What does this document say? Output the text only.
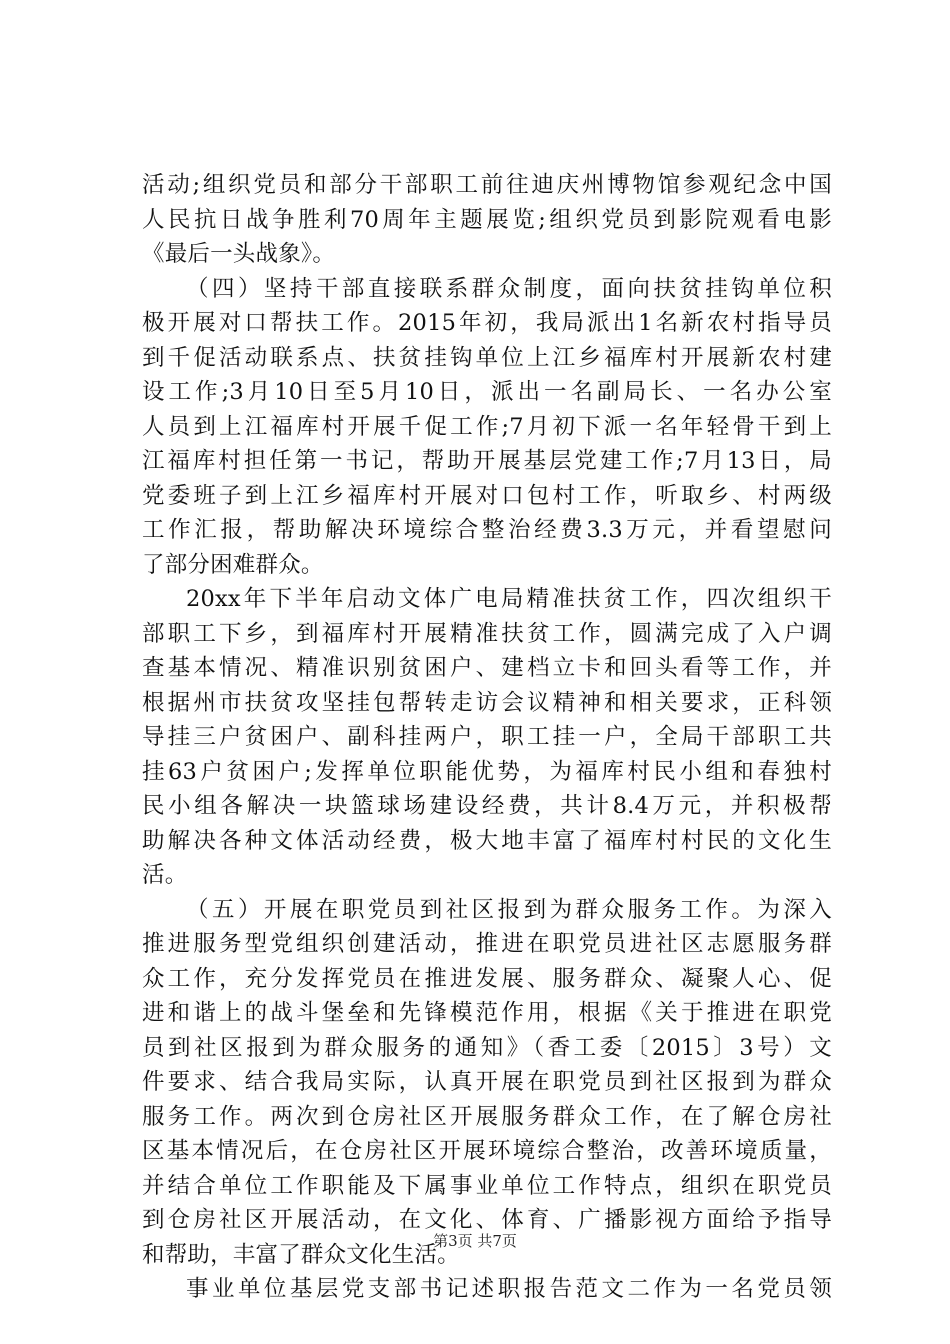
活动;组织党员和部分干部职工前往迪庆州博物馆参观纪念中国
人民抗日战争胜利70周年主题展览;组织党员到影院观看电影
《最后一头战象》。
（四）坚持干部直接联系群众制度，面向扶贫挂钩单位积
极开展对口帮扶工作。2015年初，我局派出1名新农村指导员
到千促活动联系点、扶贫挂钩单位上江乡福库村开展新农村建
设工作;3月10日至5月10日，派出一名副局长、一名办公室
人员到上江福库村开展千促工作;7月初下派一名年轻骨干到上
江福库村担任第一书记，帮助开展基层党建工作;7月13日，局
党委班子到上江乡福库村开展对口包村工作，听取乡、村两级
工作汇报，帮助解决环境综合整治经费3.3万元，并看望慰问
了部分困难群众。
20xx年下半年启动文体广电局精准扶贫工作，四次组织干
部职工下乡，到福库村开展精准扶贫工作，圆满完成了入户调
查基本情况、精准识别贫困户、建档立卡和回头看等工作，并
根据州市扶贫攻坚挂包帮转走访会议精神和相关要求，正科领
导挂三户贫困户、副科挂两户，职工挂一户，全局干部职工共
挂63户贫困户;发挥单位职能优势，为福库村民小组和春独村
民小组各解决一块篮球场建设经费，共计8.4万元，并积极帮
助解决各种文体活动经费，极大地丰富了福库村村民的文化生
活。
（五）开展在职党员到社区报到为群众服务工作。为深入
推进服务型党组织创建活动，推进在职党员进社区志愿服务群
众工作，充分发挥党员在推进发展、服务群众、凝聚人心、促
进和谐上的战斗堡垒和先锋模范作用，根据《关于推进在职党
员到社区报到为群众服务的通知》（香工委〔2015〕3号）文
件要求、结合我局实际，认真开展在职党员到社区报到为群众
服务工作。两次到仓房社区开展服务群众工作，在了解仓房社
区基本情况后，在仓房社区开展环境综合整治，改善环境质量，
并结合单位工作职能及下属事业单位工作特点，组织在职党员
到仓房社区开展活动，在文化、体育、广播影视方面给予指导
和帮助，丰富了群众文化生活。
事业单位基层党支部书记述职报告范文二作为一名党员领
第3页 共7页
